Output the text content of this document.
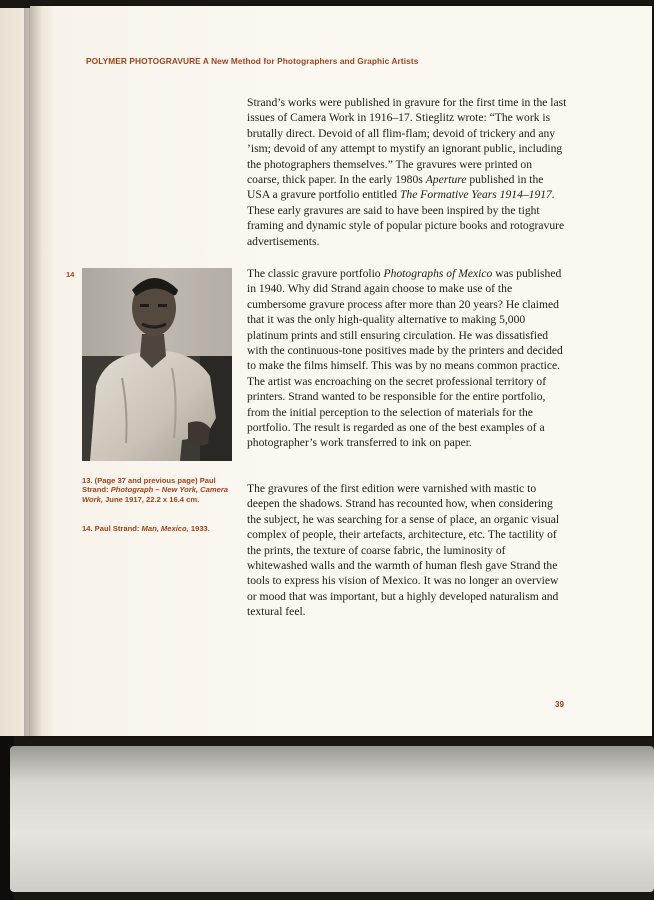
POLYMER PHOTOGRAVURE A New Method for Photographers and Graphic Artists
14
13. (Page 37 and previous page) Paul Strand: Photograph – New York, Camera Work, June 1917, 22.2 x 16.4 cm.
14. Paul Strand: Man, Mexico, 1933.
Strand’s works were published in gravure for the first time in the last issues of Camera Work in 1916–17. Stieglitz wrote: “The work is brutally direct. Devoid of all flim-flam; devoid of trickery and any ’ism; devoid of any attempt to mystify an ignorant public, including the photographers themselves.” The gravures were printed on coarse, thick paper. In the early 1980s Aperture published in the USA a gravure portfolio entitled The Formative Years 1914–1917. These early gravures are said to have been inspired by the tight framing and dynamic style of popular picture books and rotogravure advertisements.
The classic gravure portfolio Photographs of Mexico was published in 1940. Why did Strand again choose to make use of the cumbersome gravure process after more than 20 years? He claimed that it was the only high-quality alternative to making 5,000 platinum prints and still ensuring circulation. He was dissatisfied with the continuous-tone positives made by the printers and decided to make the films himself. This was by no means common practice. The artist was encroaching on the secret professional territory of printers. Strand wanted to be responsible for the entire portfolio, from the initial perception to the selection of materials for the portfolio. The result is regarded as one of the best examples of a photographer’s work transferred to ink on paper.
The gravures of the first edition were varnished with mastic to deepen the shadows. Strand has recounted how, when considering the subject, he was searching for a sense of place, an organic visual complex of people, their artefacts, architecture, etc. The tactility of the prints, the texture of coarse fabric, the luminosity of whitewashed walls and the warmth of human flesh gave Strand the tools to express his vision of Mexico. It was no longer an overview or mood that was important, but a highly developed naturalism and textural feel.
39
